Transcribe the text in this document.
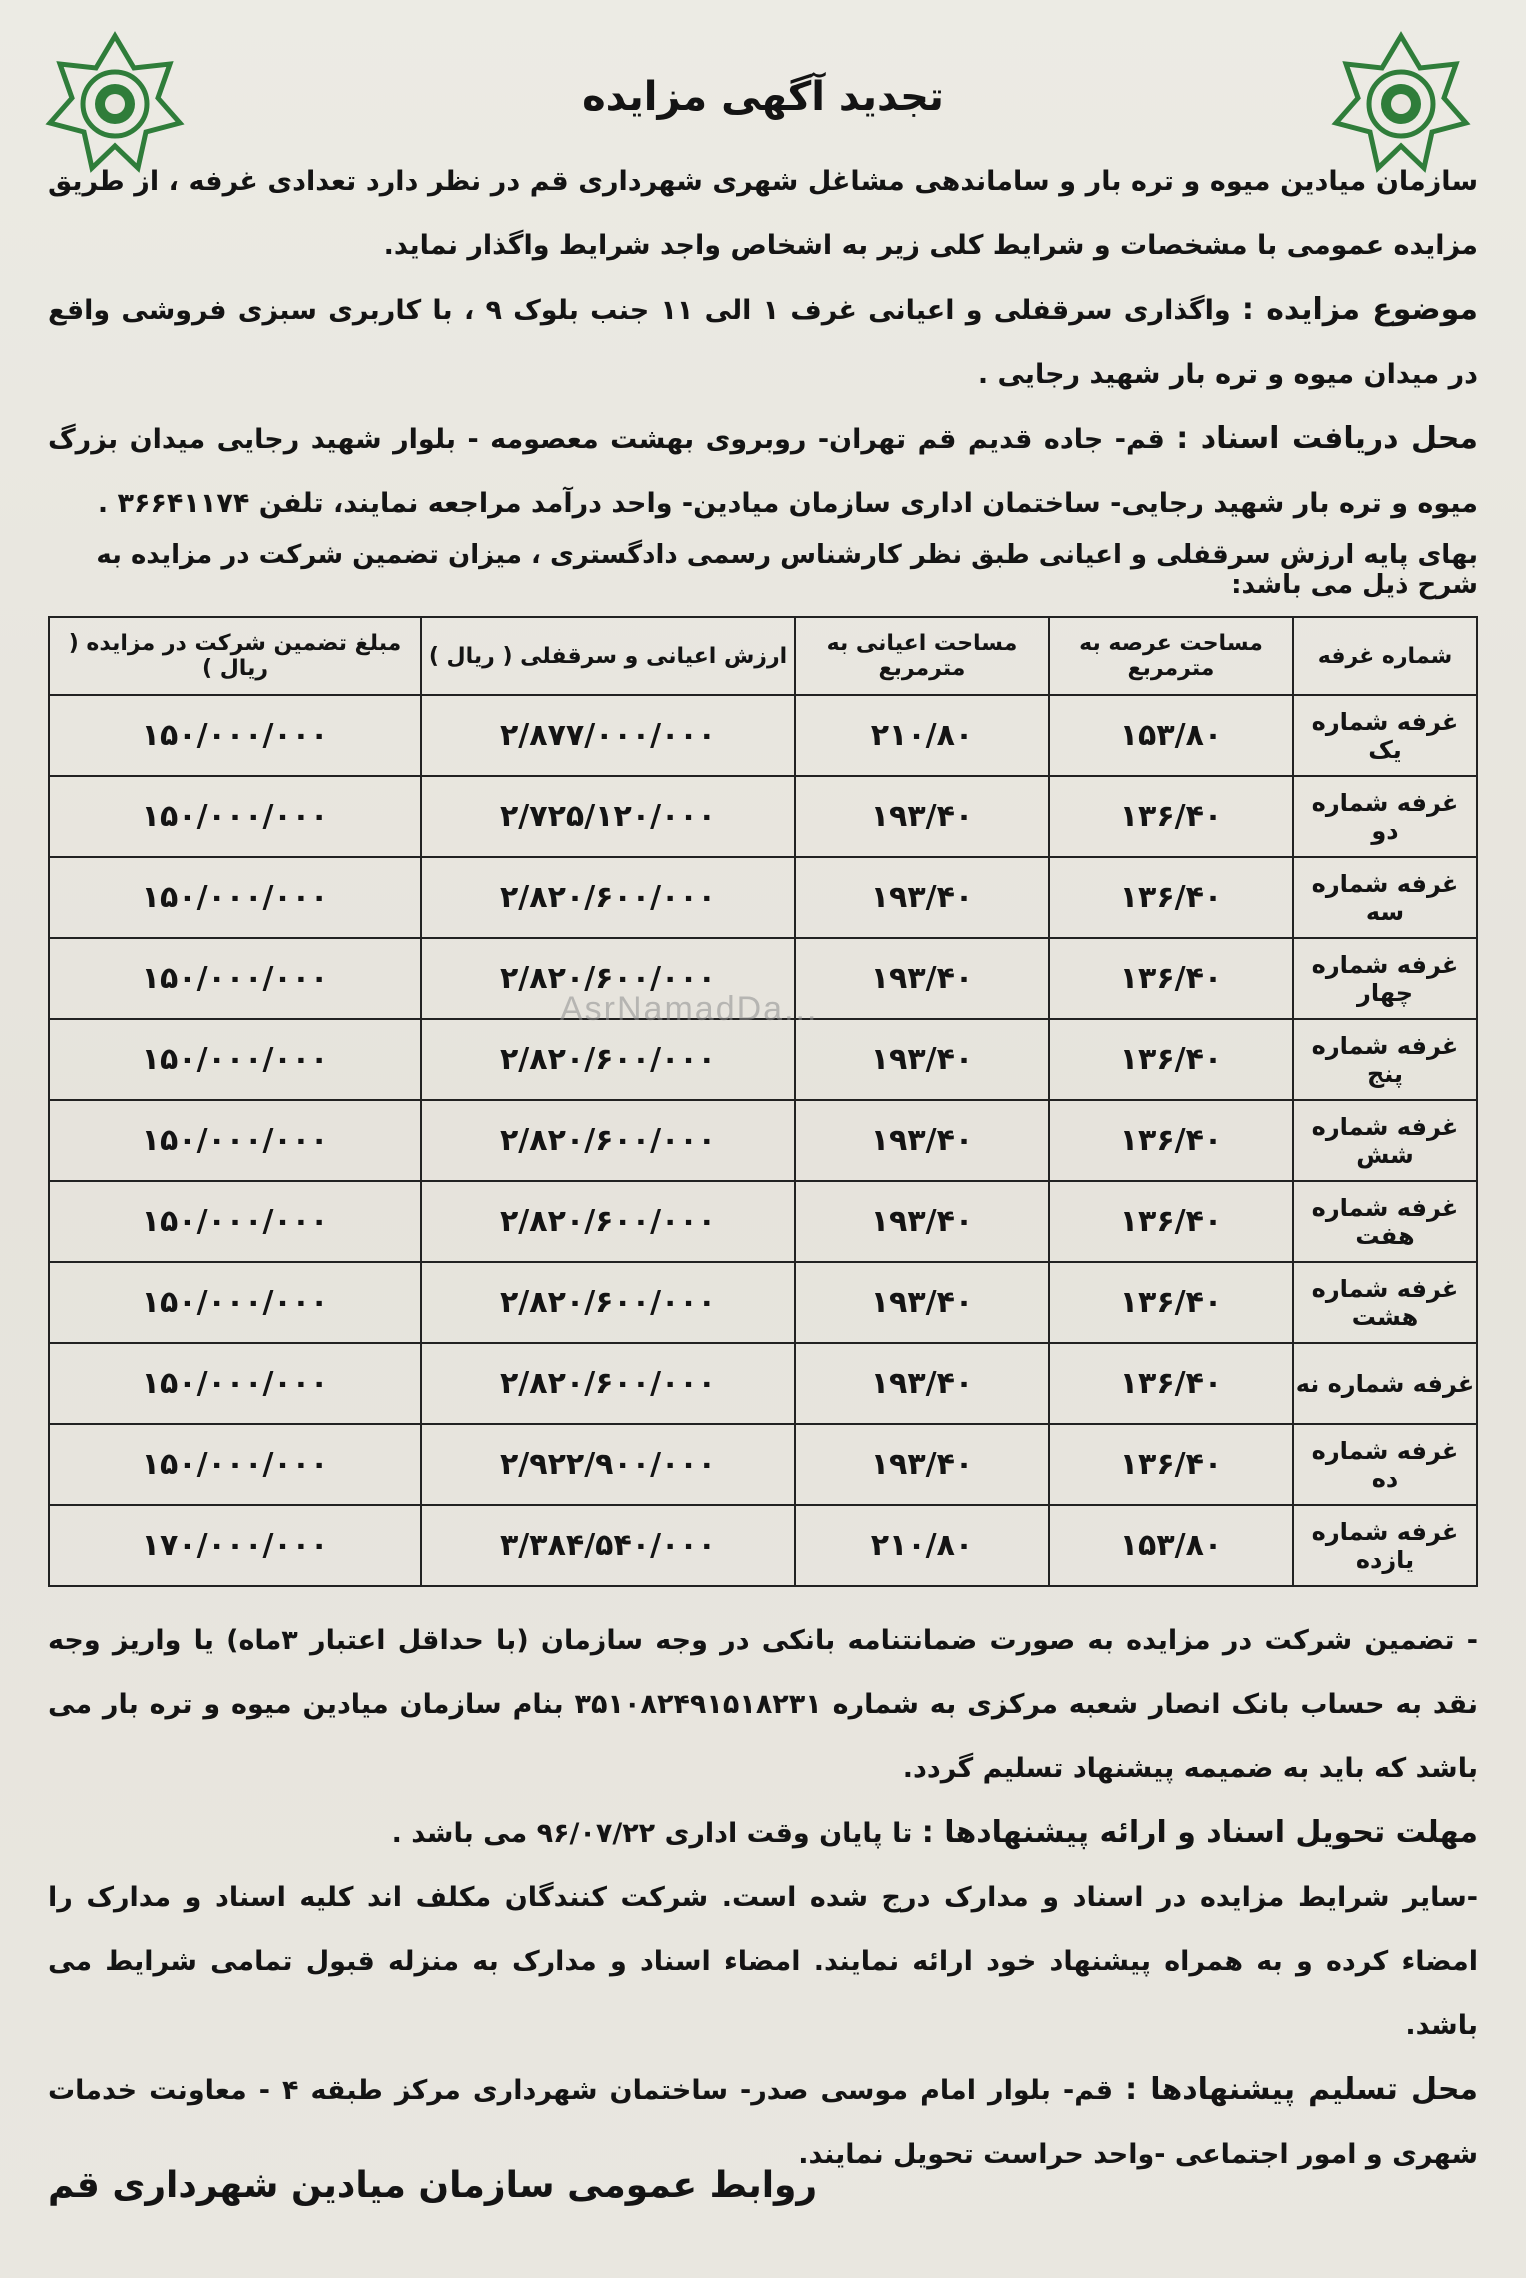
تجدید آگهی مزایده
سازمان میادین میوه و تره بار و ساماندهی مشاغل شهری شهرداری قم در نظر دارد تعدادی غرفه ، از طریق مزایده عمومی با مشخصات و شرایط کلی زیر به اشخاص واجد شرایط واگذار نماید.
موضوع مزایده : واگذاری سرقفلی و اعیانی غرف ۱ الی ۱۱ جنب بلوک ۹ ، با کاربری سبزی فروشی واقع در میدان میوه و تره بار شهید رجایی .
محل دریافت اسناد : قم- جاده قدیم قم تهران- روبروی بهشت معصومه - بلوار شهید رجایی میدان بزرگ میوه و تره بار شهید رجایی- ساختمان اداری سازمان میادین- واحد درآمد مراجعه نمایند، تلفن ۳۶۶۴۱۱۷۴ .
بهای پایه ارزش سرقفلی و اعیانی طبق نظر کارشناس رسمی دادگستری ، میزان تضمین شرکت در مزایده به شرح ذیل می باشد:
شماره غرفه	مساحت عرصه به مترمربع	مساحت اعیانی به مترمربع	ارزش اعیانی و سرقفلی ( ریال )	مبلغ تضمین شرکت در مزایده ( ریال )
غرفه شماره یک	۱۵۳/۸۰	۲۱۰/۸۰	۲/۸۷۷/۰۰۰/۰۰۰	۱۵۰/۰۰۰/۰۰۰
غرفه شماره دو	۱۳۶/۴۰	۱۹۳/۴۰	۲/۷۲۵/۱۲۰/۰۰۰	۱۵۰/۰۰۰/۰۰۰
غرفه شماره سه	۱۳۶/۴۰	۱۹۳/۴۰	۲/۸۲۰/۶۰۰/۰۰۰	۱۵۰/۰۰۰/۰۰۰
غرفه شماره چهار	۱۳۶/۴۰	۱۹۳/۴۰	۲/۸۲۰/۶۰۰/۰۰۰	۱۵۰/۰۰۰/۰۰۰
غرفه شماره پنج	۱۳۶/۴۰	۱۹۳/۴۰	۲/۸۲۰/۶۰۰/۰۰۰	۱۵۰/۰۰۰/۰۰۰
غرفه شماره شش	۱۳۶/۴۰	۱۹۳/۴۰	۲/۸۲۰/۶۰۰/۰۰۰	۱۵۰/۰۰۰/۰۰۰
غرفه شماره هفت	۱۳۶/۴۰	۱۹۳/۴۰	۲/۸۲۰/۶۰۰/۰۰۰	۱۵۰/۰۰۰/۰۰۰
غرفه شماره هشت	۱۳۶/۴۰	۱۹۳/۴۰	۲/۸۲۰/۶۰۰/۰۰۰	۱۵۰/۰۰۰/۰۰۰
غرفه شماره نه	۱۳۶/۴۰	۱۹۳/۴۰	۲/۸۲۰/۶۰۰/۰۰۰	۱۵۰/۰۰۰/۰۰۰
غرفه شماره ده	۱۳۶/۴۰	۱۹۳/۴۰	۲/۹۲۲/۹۰۰/۰۰۰	۱۵۰/۰۰۰/۰۰۰
غرفه شماره یازده	۱۵۳/۸۰	۲۱۰/۸۰	۳/۳۸۴/۵۴۰/۰۰۰	۱۷۰/۰۰۰/۰۰۰
- تضمین شرکت در مزایده به صورت ضمانتنامه بانکی در وجه سازمان (با حداقل اعتبار ۳ماه) یا واریز وجه نقد به حساب بانک انصار شعبه مرکزی به شماره ۳۵۱۰۸۲۴۹۱۵۱۸۲۳۱ بنام سازمان میادین میوه و تره بار می باشد که باید به ضمیمه پیشنهاد تسلیم گردد.
مهلت تحویل اسناد و ارائه پیشنهادها : تا پایان وقت اداری ۹۶/۰۷/۲۲ می باشد .
-سایر شرایط مزایده در اسناد و مدارک درج شده است. شرکت کنندگان مکلف اند کلیه اسناد و مدارک را امضاء کرده و به همراه پیشنهاد خود ارائه نمایند. امضاء اسناد و مدارک به منزله قبول تمامی شرایط می باشد.
محل تسلیم پیشنهادها : قم- بلوار امام موسی صدر- ساختمان شهرداری مرکز طبقه ۴ - معاونت خدمات شهری و امور اجتماعی -واحد حراست تحویل نمایند.
AsrNamadDa...
روابط عمومی سازمان میادین شهرداری قم
